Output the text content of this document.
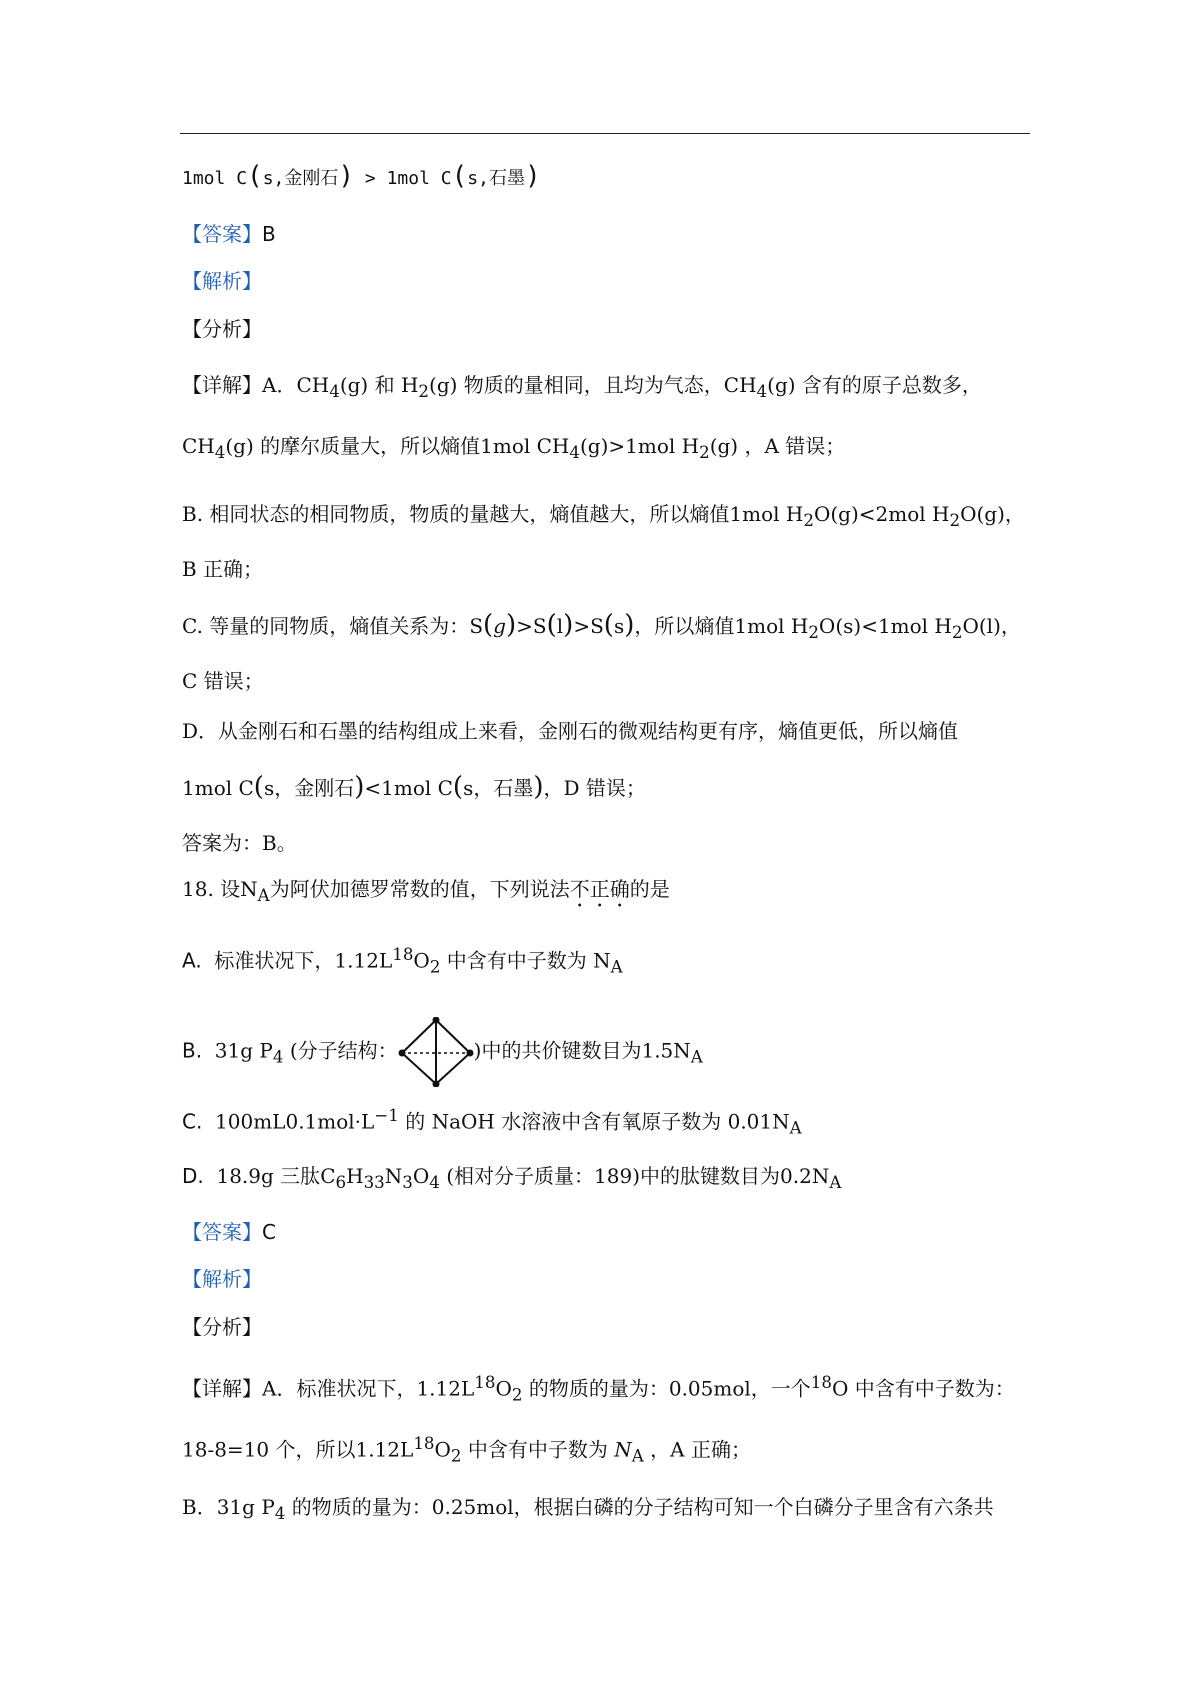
1mol C(s,金刚石) > 1mol C(s,石墨)
【答案】B
【解析】
【分析】
【详解】A．$CH_4(g)$ 和 $H_2(g)$ 物质的量相同，且均为气态，$CH_4(g)$ 含有的原子总数多，
$CH_4(g)$ 的摩尔质量大，所以熵值1mol $CH_4(g)>1mol$ $H_2(g)$ ，A 错误；
B. 相同状态的相同物质，物质的量越大，熵值越大，所以熵值1mol $H_2O(g)<2mol$ $H_2O(g)$，
B 正确；
C. 等量的同物质，熵值关系为：S(g)>S(l)>S(s)，所以熵值1mol $H_2O(s)<1mol$ $H_2O(l)$，
C 错误；
D．从金刚石和石墨的结构组成上来看，金刚石的微观结构更有序，熵值更低，所以熵值
1mol C(s，金刚石)<1mol C(s，石墨)，D 错误；
答案为：B。
18. 设$N_A$为阿伏加德罗常数的值，下列说法不正确的是
A. 标准状况下，$1.12L^{18}O_2$ 中含有中子数为 $N_A$
B. 31g $P_4$ (分子结构：	)中的共价键数目为$1.5N_A$
C. $100mL0.1mol\cdot L^{-1}$ 的 NaOH 水溶液中含有氧原子数为 $0.01N_A$
D. 18.9g 三肽$C_6H_{33}N_3O_4$ (相对分子质量：189)中的肽键数目为$0.2N_A$
【答案】C
【解析】
【分析】
【详解】A．标准状况下，$1.12L^{18}O_2$ 的物质的量为：0.05mol，一个$^{18}$O 中含有中子数为：
18-8=10 个，所以$1.12L^{18}O_2$ 中含有中子数为 $N_A$ ，A 正确；
B．31g $P_4$ 的物质的量为：0.25mol，根据白磷的分子结构可知一个白磷分子里含有六条共
